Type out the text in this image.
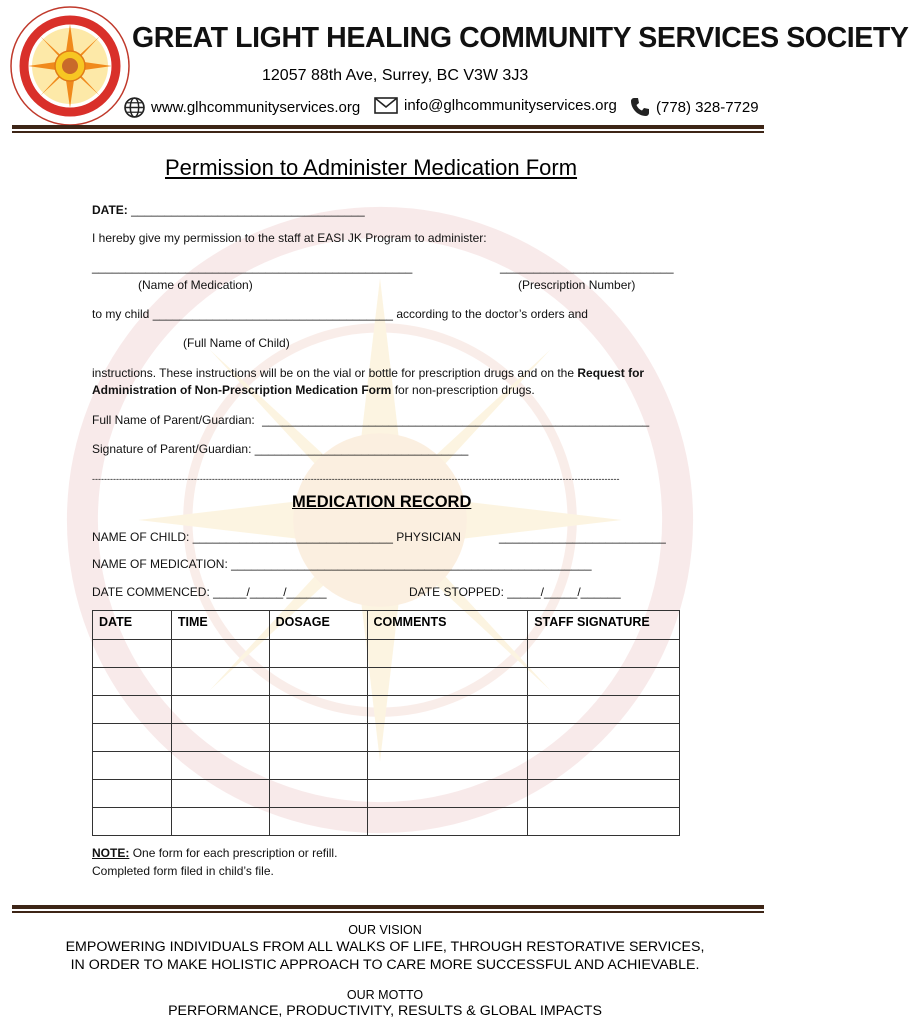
GREAT LIGHT HEALING COMMUNITY SERVICES SOCIETY
12057 88th Ave, Surrey, BC V3W 3J3
www.glhcommunityservices.org	info@glhcommunityservices.org	(778) 328-7729
Permission to Administer Medication Form
DATE: ___________________________________
I hereby give my permission to the staff at EASI JK Program to administer:
________________________________________________	__________________________
(Name of Medication)	(Prescription Number)
to my child ____________________________________ according to the doctor’s orders and
(Full Name of Child)
instructions. These instructions will be on the vial or bottle for prescription drugs and on the Request for
Administration of Non-Prescription Medication Form for non-prescription drugs.
Full Name of Parent/Guardian: __________________________________________________________
Signature of Parent/Guardian: ________________________________
--------------------------------------------------------------------------------------------------------------------------------------------------------------------------------
MEDICATION RECORD
NAME OF CHILD: ______________________________ PHYSICIAN	_________________________
NAME OF MEDICATION: ______________________________________________________
DATE COMMENCED: _____/_____/______	DATE STOPPED: _____/_____/______
DATE	TIME	DOSAGE	COMMENTS	STAFF SIGNATURE

NOTE: One form for each prescription or refill.
Completed form filed in child’s file.
OUR VISION
EMPOWERING INDIVIDUALS FROM ALL WALKS OF LIFE, THROUGH RESTORATIVE SERVICES,
IN ORDER TO MAKE HOLISTIC APPROACH TO CARE MORE SUCCESSFUL AND ACHIEVABLE.
OUR MOTTO
PERFORMANCE, PRODUCTIVITY, RESULTS & GLOBAL IMPACTS
